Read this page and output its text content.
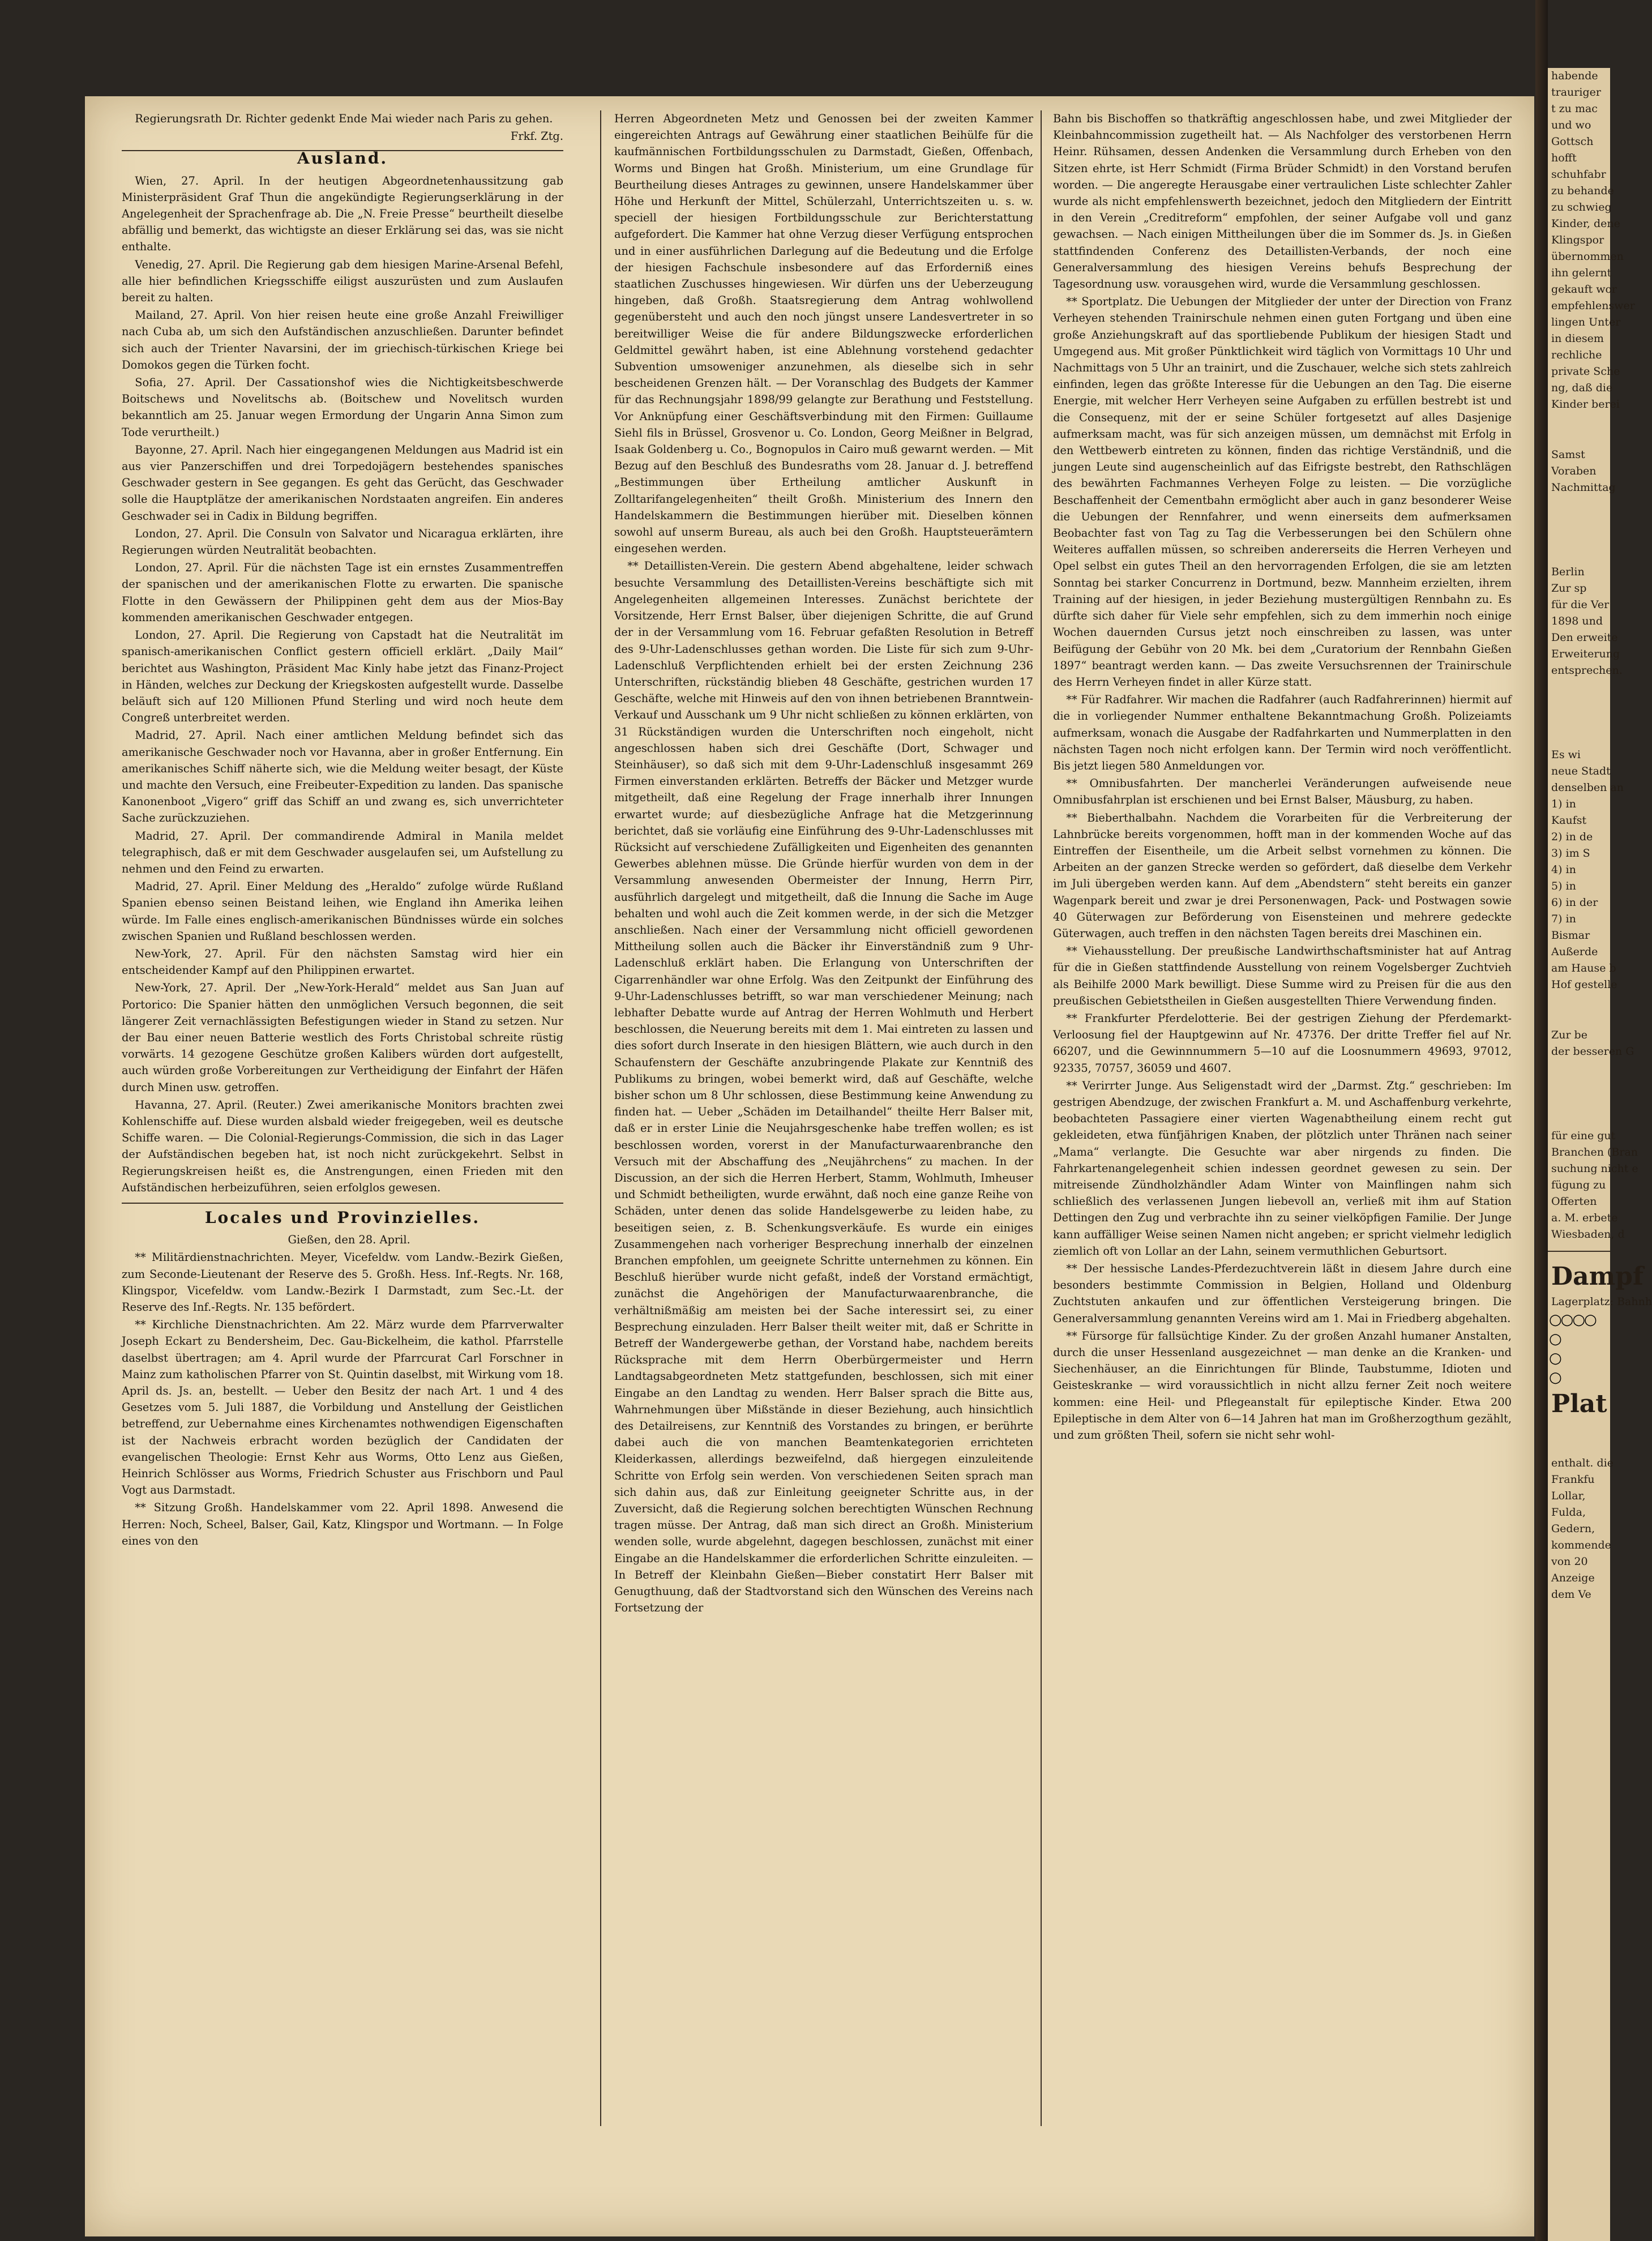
Regierungsrath Dr. Richter gedenkt Ende Mai wieder nach Paris zu gehen.

Frkf. Ztg.

Ausland.

Wien, 27. April. In der heutigen Abgeordnetenhaussitzung gab Ministerpräsident Graf Thun die angekündigte Regierungserklärung in der Angelegenheit der Sprachenfrage ab. Die „N. Freie Presse“ beurtheilt dieselbe abfällig und bemerkt, das wichtigste an dieser Erklärung sei das, was sie nicht enthalte.

Venedig, 27. April. Die Regierung gab dem hiesigen Marine-Arsenal Befehl, alle hier befindlichen Kriegsschiffe eiligst auszurüsten und zum Auslaufen bereit zu halten.

Mailand, 27. April. Von hier reisen heute eine große Anzahl Freiwilliger nach Cuba ab, um sich den Aufständischen anzuschließen. Darunter befindet sich auch der Trienter Navarsini, der im griechisch-türkischen Kriege bei Domokos gegen die Türken focht.

Sofia, 27. April. Der Cassationshof wies die Nichtigkeitsbeschwerde Boitschews und Novelitschs ab. (Boitschew und Novelitsch wurden bekanntlich am 25. Januar wegen Ermordung der Ungarin Anna Simon zum Tode verurtheilt.)

Bayonne, 27. April. Nach hier eingegangenen Meldungen aus Madrid ist ein aus vier Panzerschiffen und drei Torpedojägern bestehendes spanisches Geschwader gestern in See gegangen. Es geht das Gerücht, das Geschwader solle die Hauptplätze der amerikanischen Nordstaaten angreifen. Ein anderes Geschwader sei in Cadix in Bildung begriffen.

London, 27. April. Die Consuln von Salvator und Nicaragua erklärten, ihre Regierungen würden Neutralität beobachten.

London, 27. April. Für die nächsten Tage ist ein ernstes Zusammentreffen der spanischen und der amerikanischen Flotte zu erwarten. Die spanische Flotte in den Gewässern der Philippinen geht dem aus der Mios-Bay kommenden amerikanischen Geschwader entgegen.

London, 27. April. Die Regierung von Capstadt hat die Neutralität im spanisch-amerikanischen Conflict gestern officiell erklärt. „Daily Mail“ berichtet aus Washington, Präsident Mac Kinly habe jetzt das Finanz-Project in Händen, welches zur Deckung der Kriegskosten aufgestellt wurde. Dasselbe beläuft sich auf 120 Millionen Pfund Sterling und wird noch heute dem Congreß unterbreitet werden.

Madrid, 27. April. Nach einer amtlichen Meldung befindet sich das amerikanische Geschwader noch vor Havanna, aber in großer Entfernung. Ein amerikanisches Schiff näherte sich, wie die Meldung weiter besagt, der Küste und machte den Versuch, eine Freibeuter-Expedition zu landen. Das spanische Kanonenboot „Vigero“ griff das Schiff an und zwang es, sich unverrichteter Sache zurückzuziehen.

Madrid, 27. April. Der commandirende Admiral in Manila meldet telegraphisch, daß er mit dem Geschwader ausgelaufen sei, um Aufstellung zu nehmen und den Feind zu erwarten.

Madrid, 27. April. Einer Meldung des „Heraldo“ zufolge würde Rußland Spanien ebenso seinen Beistand leihen, wie England ihn Amerika leihen würde. Im Falle eines englisch-amerikanischen Bündnisses würde ein solches zwischen Spanien und Rußland beschlossen werden.

New-York, 27. April. Für den nächsten Samstag wird hier ein entscheidender Kampf auf den Philippinen erwartet.

New-York, 27. April. Der „New-York-Herald“ meldet aus San Juan auf Portorico: Die Spanier hätten den unmöglichen Versuch begonnen, die seit längerer Zeit vernachlässigten Befestigungen wieder in Stand zu setzen. Nur der Bau einer neuen Batterie westlich des Forts Christobal schreite rüstig vorwärts. 14 gezogene Geschütze großen Kalibers würden dort aufgestellt, auch würden große Vorbereitungen zur Vertheidigung der Einfahrt der Häfen durch Minen usw. getroffen.

Havanna, 27. April. (Reuter.) Zwei amerikanische Monitors brachten zwei Kohlenschiffe auf. Diese wurden alsbald wieder freigegeben, weil es deutsche Schiffe waren. — Die Colonial-Regierungs-Commission, die sich in das Lager der Aufständischen begeben hat, ist noch nicht zurückgekehrt. Selbst in Regierungskreisen heißt es, die Anstrengungen, einen Frieden mit den Aufständischen herbeizuführen, seien erfolglos gewesen.

Locales und Provinzielles.

Gießen, den 28. April.

** Militärdienstnachrichten. Meyer, Vicefeldw. vom Landw.-Bezirk Gießen, zum Seconde-Lieutenant der Reserve des 5. Großh. Hess. Inf.-Regts. Nr. 168, Klingspor, Vicefeldw. vom Landw.-Bezirk I Darmstadt, zum Sec.-Lt. der Reserve des Inf.-Regts. Nr. 135 befördert.

** Kirchliche Dienstnachrichten. Am 22. März wurde dem Pfarrverwalter Joseph Eckart zu Bendersheim, Dec. Gau-Bickelheim, die kathol. Pfarrstelle daselbst übertragen; am 4. April wurde der Pfarrcurat Carl Forschner in Mainz zum katholischen Pfarrer von St. Quintin daselbst, mit Wirkung vom 18. April ds. Js. an, bestellt. — Ueber den Besitz der nach Art. 1 und 4 des Gesetzes vom 5. Juli 1887, die Vorbildung und Anstellung der Geistlichen betreffend, zur Uebernahme eines Kirchenamtes nothwendigen Eigenschaften ist der Nachweis erbracht worden bezüglich der Candidaten der evangelischen Theologie: Ernst Kehr aus Worms, Otto Lenz aus Gießen, Heinrich Schlösser aus Worms, Friedrich Schuster aus Frischborn und Paul Vogt aus Darmstadt.

** Sitzung Großh. Handelskammer vom 22. April 1898. Anwesend die Herren: Noch, Scheel, Balser, Gail, Katz, Klingspor und Wortmann. — In Folge eines von den

Herren Abgeordneten Metz und Genossen bei der zweiten Kammer eingereichten Antrags auf Gewährung einer staatlichen Beihülfe für die kaufmännischen Fortbildungsschulen zu Darmstadt, Gießen, Offenbach, Worms und Bingen hat Großh. Ministerium, um eine Grundlage für Beurtheilung dieses Antrages zu gewinnen, unsere Handelskammer über Höhe und Herkunft der Mittel, Schülerzahl, Unterrichtszeiten u. s. w. speciell der hiesigen Fortbildungsschule zur Berichterstattung aufgefordert. Die Kammer hat ohne Verzug dieser Verfügung entsprochen und in einer ausführlichen Darlegung auf die Bedeutung und die Erfolge der hiesigen Fachschule insbesondere auf das Erforderniß eines staatlichen Zuschusses hingewiesen. Wir dürfen uns der Ueberzeugung hingeben, daß Großh. Staatsregierung dem Antrag wohlwollend gegenübersteht und auch den noch jüngst unsere Landesvertreter in so bereitwilliger Weise die für andere Bildungszwecke erforderlichen Geldmittel gewährt haben, ist eine Ablehnung vorstehend gedachter Subvention umsoweniger anzunehmen, als dieselbe sich in sehr bescheidenen Grenzen hält. — Der Voranschlag des Budgets der Kammer für das Rechnungsjahr 1898/99 gelangte zur Berathung und Feststellung. Vor Anknüpfung einer Geschäftsverbindung mit den Firmen: Guillaume Siehl fils in Brüssel, Grosvenor u. Co. London, Georg Meißner in Belgrad, Isaak Goldenberg u. Co., Bognopulos in Cairo muß gewarnt werden. — Mit Bezug auf den Beschluß des Bundesraths vom 28. Januar d. J. betreffend „Bestimmungen über Ertheilung amtlicher Auskunft in Zolltarifangelegenheiten“ theilt Großh. Ministerium des Innern den Handelskammern die Bestimmungen hierüber mit. Dieselben können sowohl auf unserm Bureau, als auch bei den Großh. Hauptsteuerämtern eingesehen werden.

** Detaillisten-Verein. Die gestern Abend abgehaltene, leider schwach besuchte Versammlung des Detaillisten-Vereins beschäftigte sich mit Angelegenheiten allgemeinen Interesses. Zunächst berichtete der Vorsitzende, Herr Ernst Balser, über diejenigen Schritte, die auf Grund der in der Versammlung vom 16. Februar gefaßten Resolution in Betreff des 9-Uhr-Ladenschlusses gethan worden. Die Liste für sich zum 9-Uhr-Ladenschluß Verpflichtenden erhielt bei der ersten Zeichnung 236 Unterschriften, rückständig blieben 48 Geschäfte, gestrichen wurden 17 Geschäfte, welche mit Hinweis auf den von ihnen betriebenen Branntwein-Verkauf und Ausschank um 9 Uhr nicht schließen zu können erklärten, von 31 Rückständigen wurden die Unterschriften noch eingeholt, nicht angeschlossen haben sich drei Geschäfte (Dort, Schwager und Steinhäuser), so daß sich mit dem 9-Uhr-Ladenschluß insgesammt 269 Firmen einverstanden erklärten. Betreffs der Bäcker und Metzger wurde mitgetheilt, daß eine Regelung der Frage innerhalb ihrer Innungen erwartet wurde; auf diesbezügliche Anfrage hat die Metzgerinnung berichtet, daß sie vorläufig eine Einführung des 9-Uhr-Ladenschlusses mit Rücksicht auf verschiedene Zufälligkeiten und Eigenheiten des genannten Gewerbes ablehnen müsse. Die Gründe hierfür wurden von dem in der Versammlung anwesenden Obermeister der Innung, Herrn Pirr, ausführlich dargelegt und mitgetheilt, daß die Innung die Sache im Auge behalten und wohl auch die Zeit kommen werde, in der sich die Metzger anschließen. Nach einer der Versammlung nicht officiell gewordenen Mittheilung sollen auch die Bäcker ihr Einverständniß zum 9 Uhr-Ladenschluß erklärt haben. Die Erlangung von Unterschriften der Cigarrenhändler war ohne Erfolg. Was den Zeitpunkt der Einführung des 9-Uhr-Ladenschlusses betrifft, so war man verschiedener Meinung; nach lebhafter Debatte wurde auf Antrag der Herren Wohlmuth und Herbert beschlossen, die Neuerung bereits mit dem 1. Mai eintreten zu lassen und dies sofort durch Inserate in den hiesigen Blättern, wie auch durch in den Schaufenstern der Geschäfte anzubringende Plakate zur Kenntniß des Publikums zu bringen, wobei bemerkt wird, daß auf Geschäfte, welche bisher schon um 8 Uhr schlossen, diese Bestimmung keine Anwendung zu finden hat. — Ueber „Schäden im Detailhandel“ theilte Herr Balser mit, daß er in erster Linie die Neujahrsgeschenke habe treffen wollen; es ist beschlossen worden, vorerst in der Manufacturwaarenbranche den Versuch mit der Abschaffung des „Neujährchens“ zu machen. In der Discussion, an der sich die Herren Herbert, Stamm, Wohlmuth, Imheuser und Schmidt betheiligten, wurde erwähnt, daß noch eine ganze Reihe von Schäden, unter denen das solide Handelsgewerbe zu leiden habe, zu beseitigen seien, z. B. Schenkungsverkäufe. Es wurde ein einiges Zusammengehen nach vorheriger Besprechung innerhalb der einzelnen Branchen empfohlen, um geeignete Schritte unternehmen zu können. Ein Beschluß hierüber wurde nicht gefaßt, indeß der Vorstand ermächtigt, zunächst die Angehörigen der Manufacturwaarenbranche, die verhältnißmäßig am meisten bei der Sache interessirt sei, zu einer Besprechung einzuladen. Herr Balser theilt weiter mit, daß er Schritte in Betreff der Wandergewerbe gethan, der Vorstand habe, nachdem bereits Rücksprache mit dem Herrn Oberbürgermeister und Herrn Landtagsabgeordneten Metz stattgefunden, beschlossen, sich mit einer Eingabe an den Landtag zu wenden. Herr Balser sprach die Bitte aus, Wahrnehmungen über Mißstände in dieser Beziehung, auch hinsichtlich des Detailreisens, zur Kenntniß des Vorstandes zu bringen, er berührte dabei auch die von manchen Beamtenkategorien errichteten Kleiderkassen, allerdings bezweifelnd, daß hiergegen einzuleitende Schritte von Erfolg sein werden. Von verschiedenen Seiten sprach man sich dahin aus, daß zur Einleitung geeigneter Schritte aus, in der Zuversicht, daß die Regierung solchen berechtigten Wünschen Rechnung tragen müsse. Der Antrag, daß man sich direct an Großh. Ministerium wenden solle, wurde abgelehnt, dagegen beschlossen, zunächst mit einer Eingabe an die Handelskammer die erforderlichen Schritte einzuleiten. — In Betreff der Kleinbahn Gießen—Bieber constatirt Herr Balser mit Genugthuung, daß der Stadtvorstand sich den Wünschen des Vereins nach Fortsetzung der

Bahn bis Bischoffen so thatkräftig angeschlossen habe, und zwei Mitglieder der Kleinbahncommission zugetheilt hat. — Als Nachfolger des verstorbenen Herrn Heinr. Rühsamen, dessen Andenken die Versammlung durch Erheben von den Sitzen ehrte, ist Herr Schmidt (Firma Brüder Schmidt) in den Vorstand berufen worden. — Die angeregte Herausgabe einer vertraulichen Liste schlechter Zahler wurde als nicht empfehlenswerth bezeichnet, jedoch den Mitgliedern der Eintritt in den Verein „Creditreform“ empfohlen, der seiner Aufgabe voll und ganz gewachsen. — Nach einigen Mittheilungen über die im Sommer ds. Js. in Gießen stattfindenden Conferenz des Detaillisten-Verbands, der noch eine Generalversammlung des hiesigen Vereins behufs Besprechung der Tagesordnung usw. vorausgehen wird, wurde die Versammlung geschlossen.

** Sportplatz. Die Uebungen der Mitglieder der unter der Direction von Franz Verheyen stehenden Trainirschule nehmen einen guten Fortgang und üben eine große Anziehungskraft auf das sportliebende Publikum der hiesigen Stadt und Umgegend aus. Mit großer Pünktlichkeit wird täglich von Vormittags 10 Uhr und Nachmittags von 5 Uhr an trainirt, und die Zuschauer, welche sich stets zahlreich einfinden, legen das größte Interesse für die Uebungen an den Tag. Die eiserne Energie, mit welcher Herr Verheyen seine Aufgaben zu erfüllen bestrebt ist und die Consequenz, mit der er seine Schüler fortgesetzt auf alles Dasjenige aufmerksam macht, was für sich anzeigen müssen, um demnächst mit Erfolg in den Wettbewerb eintreten zu können, finden das richtige Verständniß, und die jungen Leute sind augenscheinlich auf das Eifrigste bestrebt, den Rathschlägen des bewährten Fachmannes Verheyen Folge zu leisten. — Die vorzügliche Beschaffenheit der Cementbahn ermöglicht aber auch in ganz besonderer Weise die Uebungen der Rennfahrer, und wenn einerseits dem aufmerksamen Beobachter fast von Tag zu Tag die Verbesserungen bei den Schülern ohne Weiteres auffallen müssen, so schreiben andererseits die Herren Verheyen und Opel selbst ein gutes Theil an den hervorragenden Erfolgen, die sie am letzten Sonntag bei starker Concurrenz in Dortmund, bezw. Mannheim erzielten, ihrem Training auf der hiesigen, in jeder Beziehung mustergültigen Rennbahn zu. Es dürfte sich daher für Viele sehr empfehlen, sich zu dem immerhin noch einige Wochen dauernden Cursus jetzt noch einschreiben zu lassen, was unter Beifügung der Gebühr von 20 Mk. bei dem „Curatorium der Rennbahn Gießen 1897“ beantragt werden kann. — Das zweite Versuchsrennen der Trainirschule des Herrn Verheyen findet in aller Kürze statt.

** Für Radfahrer. Wir machen die Radfahrer (auch Radfahrerinnen) hiermit auf die in vorliegender Nummer enthaltene Bekanntmachung Großh. Polizeiamts aufmerksam, wonach die Ausgabe der Radfahrkarten und Nummerplatten in den nächsten Tagen noch nicht erfolgen kann. Der Termin wird noch veröffentlicht. Bis jetzt liegen 580 Anmeldungen vor.

** Omnibusfahrten. Der mancherlei Veränderungen aufweisende neue Omnibusfahrplan ist erschienen und bei Ernst Balser, Mäusburg, zu haben.

** Bieberthalbahn. Nachdem die Vorarbeiten für die Verbreiterung der Lahnbrücke bereits vorgenommen, hofft man in der kommenden Woche auf das Eintreffen der Eisentheile, um die Arbeit selbst vornehmen zu können. Die Arbeiten an der ganzen Strecke werden so gefördert, daß dieselbe dem Verkehr im Juli übergeben werden kann. Auf dem „Abendstern“ steht bereits ein ganzer Wagenpark bereit und zwar je drei Personenwagen, Pack- und Postwagen sowie 40 Güterwagen zur Beförderung von Eisensteinen und mehrere gedeckte Güterwagen, auch treffen in den nächsten Tagen bereits drei Maschinen ein.

** Viehausstellung. Der preußische Landwirthschaftsminister hat auf Antrag für die in Gießen stattfindende Ausstellung von reinem Vogelsberger Zuchtvieh als Beihilfe 2000 Mark bewilligt. Diese Summe wird zu Preisen für die aus den preußischen Gebietstheilen in Gießen ausgestellten Thiere Verwendung finden.

** Frankfurter Pferdelotterie. Bei der gestrigen Ziehung der Pferdemarkt-Verloosung fiel der Hauptgewinn auf Nr. 47376. Der dritte Treffer fiel auf Nr. 66207, und die Gewinnnummern 5—10 auf die Loosnummern 49693, 97012, 92335, 70757, 36059 und 4607.

** Verirrter Junge. Aus Seligenstadt wird der „Darmst. Ztg.“ geschrieben: Im gestrigen Abendzuge, der zwischen Frankfurt a. M. und Aschaffenburg verkehrte, beobachteten Passagiere einer vierten Wagenabtheilung einem recht gut gekleideten, etwa fünfjährigen Knaben, der plötzlich unter Thränen nach seiner „Mama“ verlangte. Die Gesuchte war aber nirgends zu finden. Die Fahrkartenangelegenheit schien indessen geordnet gewesen zu sein. Der mitreisende Zündholzhändler Adam Winter von Mainflingen nahm sich schließlich des verlassenen Jungen liebevoll an, verließ mit ihm auf Station Dettingen den Zug und verbrachte ihn zu seiner vielköpfigen Familie. Der Junge kann auffälliger Weise seinen Namen nicht angeben; er spricht vielmehr lediglich ziemlich oft von Lollar an der Lahn, seinem vermuthlichen Geburtsort.

** Der hessische Landes-Pferdezuchtverein läßt in diesem Jahre durch eine besonders bestimmte Commission in Belgien, Holland und Oldenburg Zuchtstuten ankaufen und zur öffentlichen Versteigerung bringen. Die Generalversammlung genannten Vereins wird am 1. Mai in Friedberg abgehalten.

** Fürsorge für fallsüchtige Kinder. Zu der großen Anzahl humaner Anstalten, durch die unser Hessenland ausgezeichnet — man denke an die Kranken- und Siechenhäuser, an die Einrichtungen für Blinde, Taubstumme, Idioten und Geisteskranke — wird voraussichtlich in nicht allzu ferner Zeit noch weitere kommen: eine Heil- und Pflegeanstalt für epileptische Kinder. Etwa 200 Epileptische in dem Alter von 6—14 Jahren hat man im Großherzogthum gezählt, und zum größten Theil, sofern sie nicht sehr wohl-

habende
trauriger
t zu mac
und wo
Gottsch
hofft
schuhfabr
zu behande
zu schwieg
Kinder, dene
Klingspor
übernommen
ihn gelernt
gekauft wor
empfehlenswer
lingen Unter
in diesem
rechliche
private Sche
ng, daß die
Kinder berei
Samst
Voraben
Nachmittag
Berlin
Zur sp
für die Ver
1898 und
Den erweite
Erweiterung
entsprechen.
Es wi
neue Stadt
denselben an
1) in
Kaufst
2) in de
3) im S
4) in
5) in
6) in der
7) in
Bismar
Außerde
am Hause b
Hof gestelle
Zur be
der besseren G
für eine gut
Branchen (Bran
suchung nicht e
fügung zu
Offerten
a. M. erbete
Wiesbaden, d
Dampf
Lagerplatz: Bahnh
○○○○
○
○
○
Plat
enthalt. die
Frankfu
Lollar,
Fulda,
Gedern,
kommende
von 20
Anzeige
dem Ve
